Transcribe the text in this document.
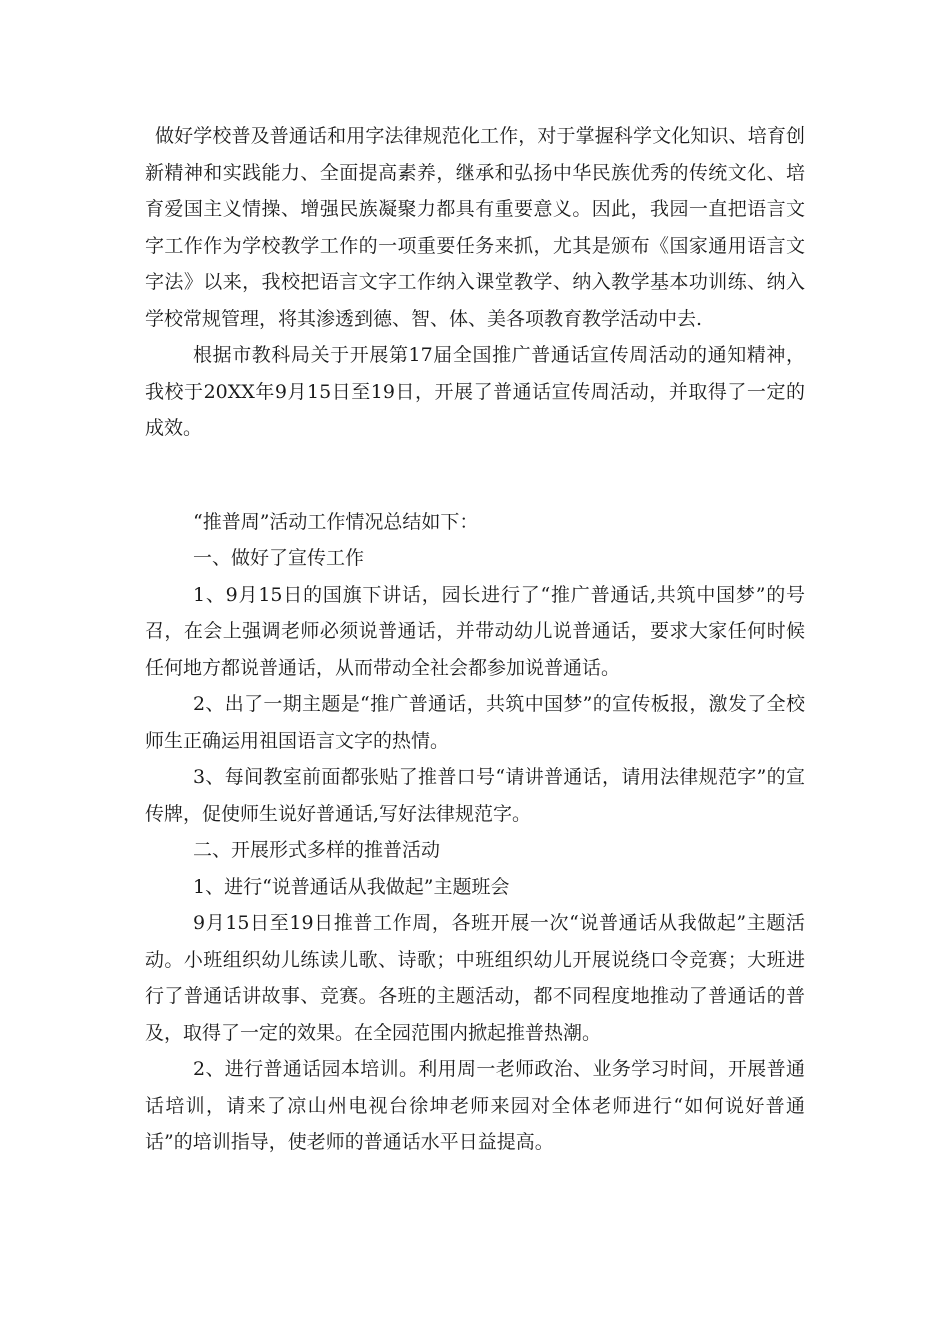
做好学校普及普通话和用字法律规范化工作，对于掌握科学文化知识、培育创新精神和实践能力、全面提高素养，继承和弘扬中华民族优秀的传统文化、培育爱国主义情操、增强民族凝聚力都具有重要意义。因此，我园一直把语言文字工作作为学校教学工作的一项重要任务来抓，尤其是颁布《国家通用语言文字法》以来，我校把语言文字工作纳入课堂教学、纳入教学基本功训练、纳入学校常规管理，将其渗透到德、智、体、美各项教育教学活动中去.

根据市教科局关于开展第17届全国推广普通话宣传周活动的通知精神，我校于20XX年9月15日至19日，开展了普通话宣传周活动，并取得了一定的成效。

“推普周”活动工作情况总结如下：

一、做好了宣传工作

1、9月15日的国旗下讲话，园长进行了“推广普通话,共筑中国梦”的号召，在会上强调老师必须说普通话，并带动幼儿说普通话，要求大家任何时候任何地方都说普通话，从而带动全社会都参加说普通话。

2、出了一期主题是“推广普通话，共筑中国梦”的宣传板报，激发了全校师生正确运用祖国语言文字的热情。

3、每间教室前面都张贴了推普口号“请讲普通话，请用法律规范字”的宣传牌，促使师生说好普通话,写好法律规范字。

二、开展形式多样的推普活动

1、进行“说普通话从我做起”主题班会

9月15日至19日推普工作周，各班开展一次“说普通话从我做起”主题活动。小班组织幼儿练读儿歌、诗歌；中班组织幼儿开展说绕口令竞赛；大班进行了普通话讲故事、竞赛。各班的主题活动，都不同程度地推动了普通话的普及，取得了一定的效果。在全园范围内掀起推普热潮。

2、进行普通话园本培训。利用周一老师政治、业务学习时间，开展普通话培训，请来了凉山州电视台徐坤老师来园对全体老师进行“如何说好普通话”的培训指导，使老师的普通话水平日益提高。
